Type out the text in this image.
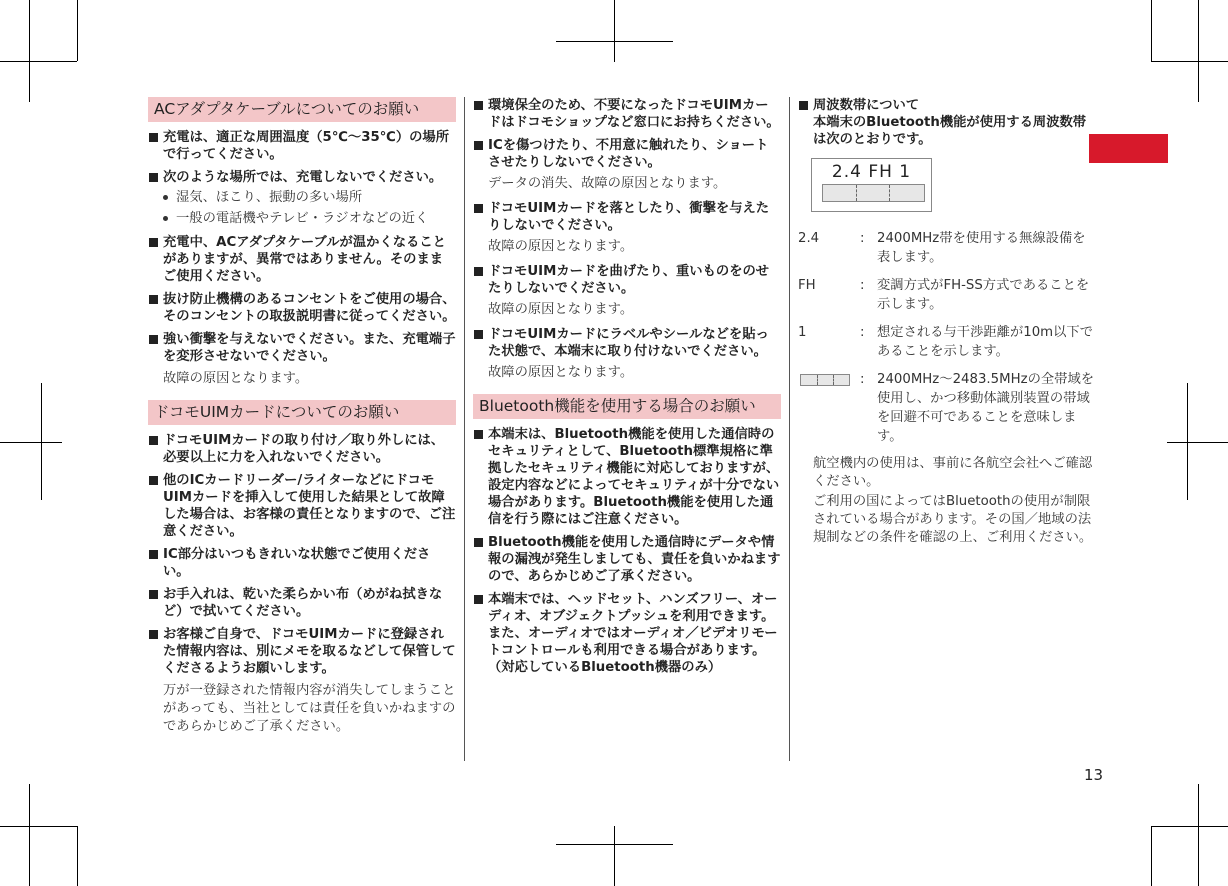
ACアダプタケーブルについてのお願い
充電は、適正な周囲温度（5℃～35℃）の場所で行ってください。
次のような場所では、充電しないでください。
湿気、ほこり、振動の多い場所
一般の電話機やテレビ・ラジオなどの近く
充電中、ACアダプタケーブルが温かくなることがありますが、異常ではありません。そのままご使用ください。
抜け防止機構のあるコンセントをご使用の場合、そのコンセントの取扱説明書に従ってください。
強い衝撃を与えないでください。また、充電端子を変形させないでください。
故障の原因となります。
ドコモUIMカードについてのお願い
ドコモUIMカードの取り付け／取り外しには、必要以上に力を入れないでください。
他のICカードリーダー/ライターなどにドコモUIMカードを挿入して使用した結果として故障した場合は、お客様の責任となりますので、ご注意ください。
IC部分はいつもきれいな状態でご使用ください。
お手入れは、乾いた柔らかい布（めがね拭きなど）で拭いてください。
お客様ご自身で、ドコモUIMカードに登録された情報内容は、別にメモを取るなどして保管してくださるようお願いします。
万が一登録された情報内容が消失してしまうことがあっても、当社としては責任を負いかねますのであらかじめご了承ください。
環境保全のため、不要になったドコモUIMカードはドコモショップなど窓口にお持ちください。
ICを傷つけたり、不用意に触れたり、ショートさせたりしないでください。
データの消失、故障の原因となります。
ドコモUIMカードを落としたり、衝撃を与えたりしないでください。
故障の原因となります。
ドコモUIMカードを曲げたり、重いものをのせたりしないでください。
故障の原因となります。
ドコモUIMカードにラベルやシールなどを貼った状態で、本端末に取り付けないでください。
故障の原因となります。
Bluetooth機能を使用する場合のお願い
本端末は、Bluetooth機能を使用した通信時のセキュリティとして、Bluetooth標準規格に準拠したセキュリティ機能に対応しておりますが、設定内容などによってセキュリティが十分でない場合があります。Bluetooth機能を使用した通信を行う際にはご注意ください。
Bluetooth機能を使用した通信時にデータや情報の漏洩が発生しましても、責任を負いかねますので、あらかじめご了承ください。
本端末では、ヘッドセット、ハンズフリー、オーディオ、オブジェクトプッシュを利用できます。また、オーディオではオーディオ／ビデオリモートコントロールも利用できる場合があります。（対応しているBluetooth機器のみ）
周波数帯について
本端末のBluetooth機能が使用する周波数帯は次のとおりです。
2.4 FH 1
2.4	: 2400MHz帯を使用する無線設備を表します。
FH	: 変調方式がFH-SS方式であることを示します。
1	: 想定される与干渉距離が10m以下であることを示します。
: 2400MHz～2483.5MHzの全帯域を使用し、かつ移動体識別装置の帯域を回避不可であることを意味します。
航空機内の使用は、事前に各航空会社へご確認ください。
ご利用の国によってはBluetoothの使用が制限されている場合があります。その国／地域の法規制などの条件を確認の上、ご利用ください。
13
